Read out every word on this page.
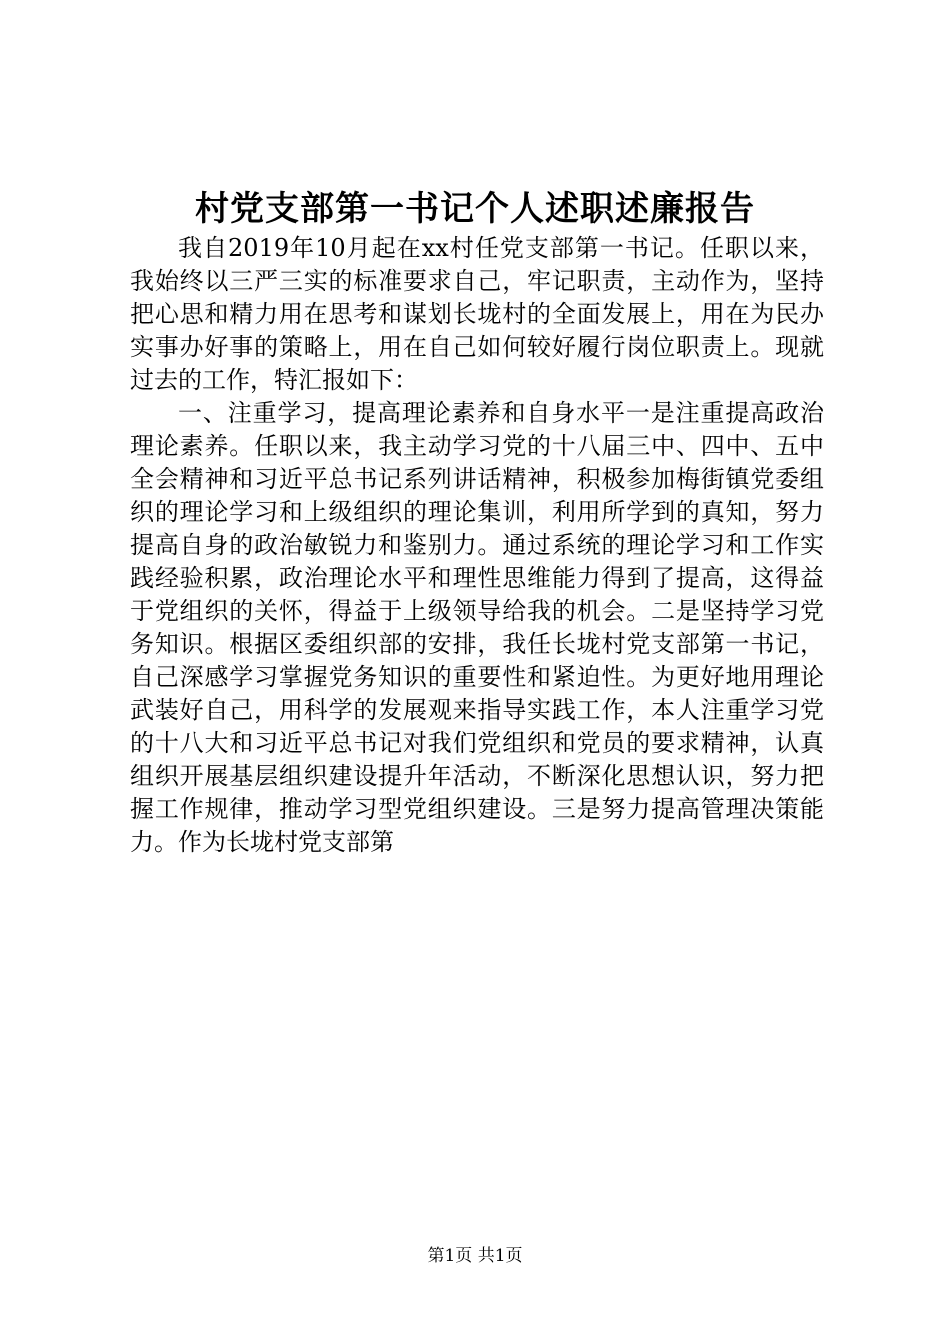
村党支部第一书记个人述职述廉报告

我自2019年10月起在xx村任党支部第一书记。任职以来，我始终以三严三实的标准要求自己，牢记职责，主动作为，坚持把心思和精力用在思考和谋划长垅村的全面发展上，用在为民办实事办好事的策略上，用在自己如何较好履行岗位职责上。现就过去的工作，特汇报如下：

一、注重学习，提高理论素养和自身水平一是注重提高政治理论素养。任职以来，我主动学习党的十八届三中、四中、五中全会精神和习近平总书记系列讲话精神，积极参加梅街镇党委组织的理论学习和上级组织的理论集训，利用所学到的真知，努力提高自身的政治敏锐力和鉴别力。通过系统的理论学习和工作实践经验积累，政治理论水平和理性思维能力得到了提高，这得益于党组织的关怀，得益于上级领导给我的机会。二是坚持学习党务知识。根据区委组织部的安排，我任长垅村党支部第一书记，自己深感学习掌握党务知识的重要性和紧迫性。为更好地用理论武装好自己，用科学的发展观来指导实践工作，本人注重学习党的十八大和习近平总书记对我们党组织和党员的要求精神，认真组织开展基层组织建设提升年活动，不断深化思想认识，努力把握工作规律，推动学习型党组织建设。三是努力提高管理决策能力。作为长垅村党支部第

第1页 共1页
